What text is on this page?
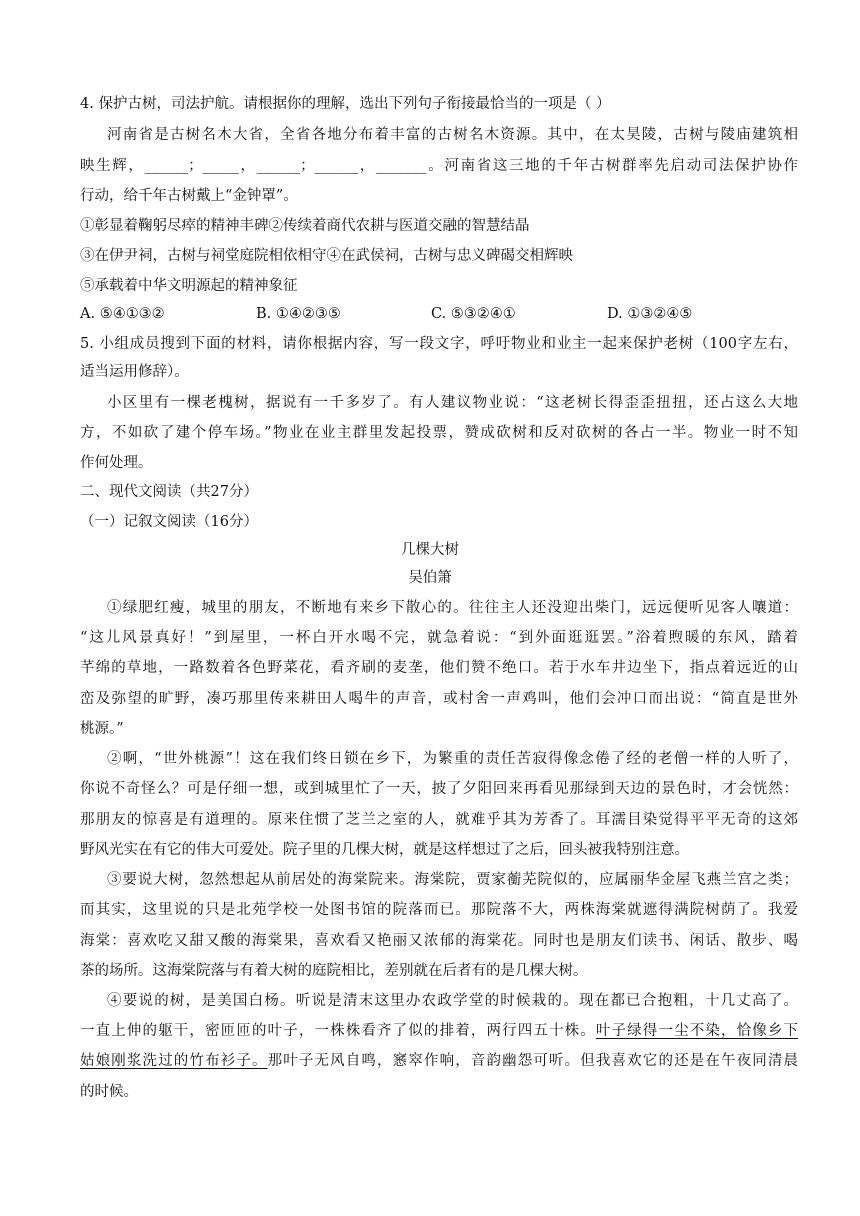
4. 保护古树，司法护航。请根据你的理解，选出下列句子衔接最恰当的一项是（ ）
河南省是古树名木大省，全省各地分布着丰富的古树名木资源。其中，在太昊陵，古树与陵庙建筑相
映生辉，______；_____，______；______，_______。河南省这三地的千年古树群率先启动司法保护协作
行动，给千年古树戴上“金钟罩”。
①彰显着鞠躬尽瘁的精神丰碑②传续着商代农耕与医道交融的智慧结晶
③在伊尹祠，古树与祠堂庭院相依相守④在武侯祠，古树与忠义碑碣交相辉映
⑤承载着中华文明源起的精神象征
A. ⑤④①③②	B. ①④②③⑤	C. ⑤③②④①	D. ①③②④⑤
5. 小组成员搜到下面的材料，请你根据内容，写一段文字，呼吁物业和业主一起来保护老树（100字左右，
适当运用修辞）。
小区里有一棵老槐树，据说有一千多岁了。有人建议物业说：“这老树长得歪歪扭扭，还占这么大地
方，不如砍了建个停车场。”物业在业主群里发起投票，赞成砍树和反对砍树的各占一半。物业一时不知
作何处理。
二、现代文阅读（共27分）
（一）记叙文阅读（16分）
几棵大树
吴伯箫
①绿肥红瘦，城里的朋友，不断地有来乡下散心的。往往主人还没迎出柴门，远远便听见客人嚷道：
“这儿风景真好！”到屋里，一杯白开水喝不完，就急着说：“到外面逛逛罢。”浴着煦暖的东风，踏着
芊绵的草地，一路数着各色野菜花，看齐刷的麦垄，他们赞不绝口。若于水车井边坐下，指点着远近的山
峦及弥望的旷野，凑巧那里传来耕田人喝牛的声音，或村舍一声鸡叫，他们会冲口而出说：“简直是世外
桃源。”
②啊，“世外桃源”！这在我们终日锁在乡下，为繁重的责任苦寂得像念倦了经的老僧一样的人听了，
你说不奇怪么？可是仔细一想，或到城里忙了一天，披了夕阳回来再看见那绿到天边的景色时，才会恍然：
那朋友的惊喜是有道理的。原来住惯了芝兰之室的人，就难乎其为芳香了。耳濡目染觉得平平无奇的这郊
野风光实在有它的伟大可爱处。院子里的几棵大树，就是这样想过了之后，回头被我特别注意。
③要说大树，忽然想起从前居处的海棠院来。海棠院，贾家蘅芜院似的，应属丽华金屋飞燕兰宫之类；
而其实，这里说的只是北苑学校一处图书馆的院落而已。那院落不大，两株海棠就遮得满院树荫了。我爱
海棠：喜欢吃又甜又酸的海棠果，喜欢看又艳丽又浓郁的海棠花。同时也是朋友们读书、闲话、散步、喝
茶的场所。这海棠院落与有着大树的庭院相比，差别就在后者有的是几棵大树。
④要说的树，是美国白杨。听说是清末这里办农政学堂的时候栽的。现在都已合抱粗，十几丈高了。
一直上伸的躯干，密匝匝的叶子，一株株看齐了似的排着，两行四五十株。叶子绿得一尘不染，恰像乡下
姑娘刚浆洗过的竹布衫子。那叶子无风自鸣，窸窣作响，音韵幽怨可听。但我喜欢它的还是在午夜同清晨
的时候。
